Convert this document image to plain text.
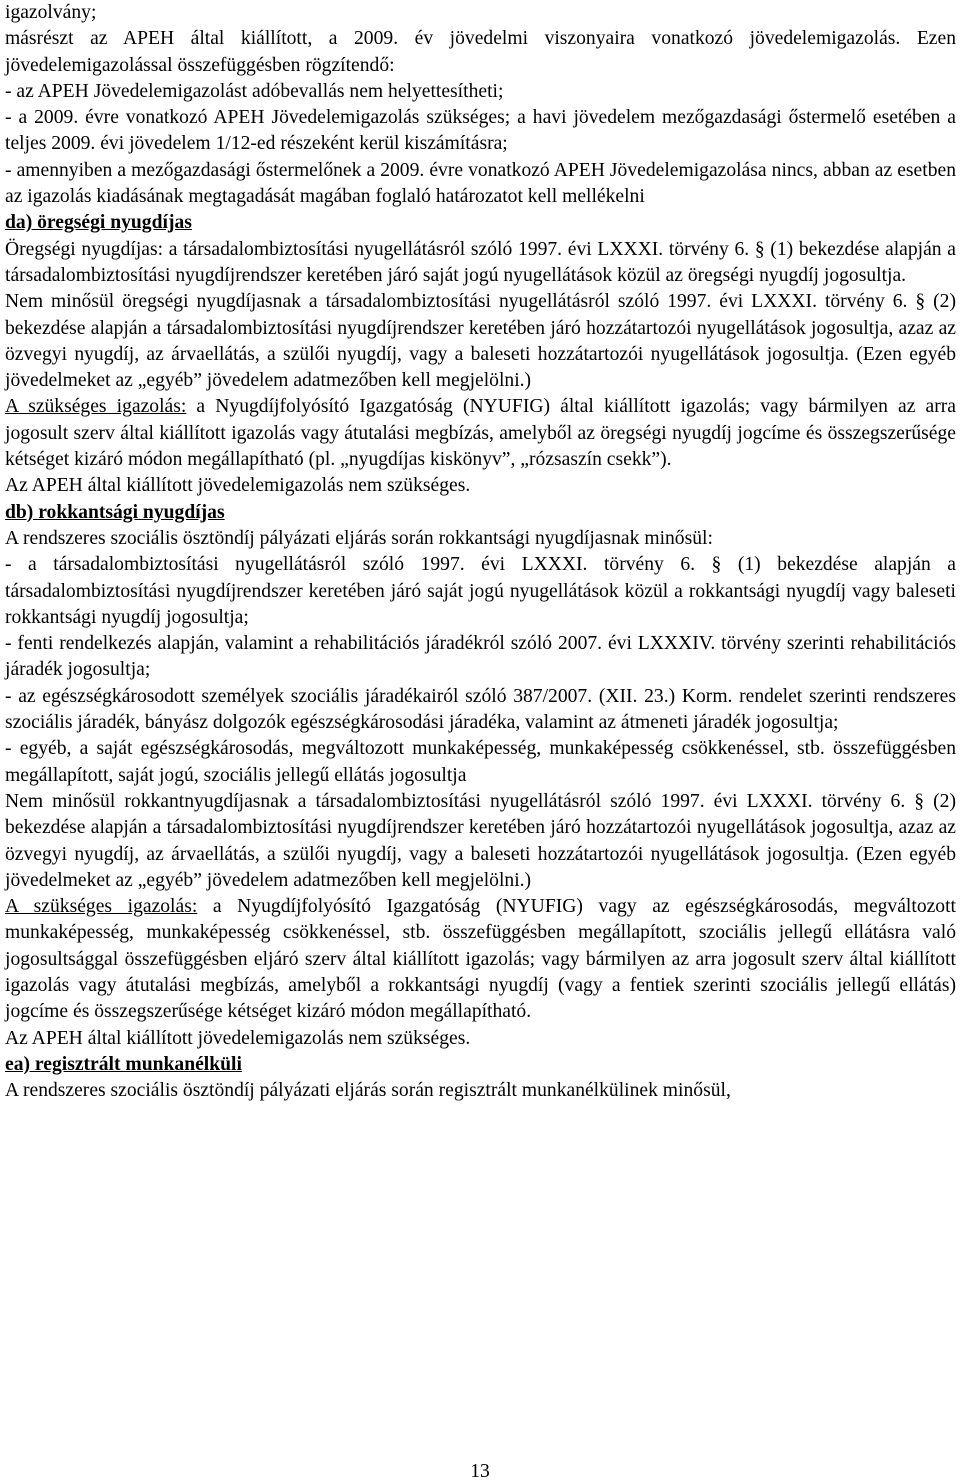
igazolvány;

másrészt az APEH által kiállított, a 2009. év jövedelmi viszonyaira vonatkozó jövedelemigazolás. Ezen jövedelemigazolással összefüggésben rögzítendő:

- az APEH Jövedelemigazolást adóbevallás nem helyettesítheti;

- a 2009. évre vonatkozó APEH Jövedelemigazolás szükséges; a havi jövedelem mezőgazdasági őstermelő esetében a teljes 2009. évi jövedelem 1/12-ed részeként kerül kiszámításra;

- amennyiben a mezőgazdasági őstermelőnek a 2009. évre vonatkozó APEH Jövedelemigazolása nincs, abban az esetben az igazolás kiadásának megtagadását magában foglaló határozatot kell mellékelni

da) öregségi nyugdíjas

Öregségi nyugdíjas: a társadalombiztosítási nyugellátásról szóló 1997. évi LXXXI. törvény 6. § (1) bekezdése alapján a társadalombiztosítási nyugdíjrendszer keretében járó saját jogú nyugellátások közül az öregségi nyugdíj jogosultja.

Nem minősül öregségi nyugdíjasnak a társadalombiztosítási nyugellátásról szóló 1997. évi LXXXI. törvény 6. § (2) bekezdése alapján a társadalombiztosítási nyugdíjrendszer keretében járó hozzátartozói nyugellátások jogosultja, azaz az özvegyi nyugdíj, az árvaellátás, a szülői nyugdíj, vagy a baleseti hozzátartozói nyugellátások jogosultja. (Ezen egyéb jövedelmeket az „egyéb” jövedelem adatmezőben kell megjelölni.)

A szükséges igazolás: a Nyugdíjfolyósító Igazgatóság (NYUFIG) által kiállított igazolás; vagy bármilyen az arra jogosult szerv által kiállított igazolás vagy átutalási megbízás, amelyből az öregségi nyugdíj jogcíme és összegszerűsége kétséget kizáró módon megállapítható (pl. „nyugdíjas kiskönyv”, „rózsaszín csekk”).

Az APEH által kiállított jövedelemigazolás nem szükséges.

db) rokkantsági nyugdíjas

A rendszeres szociális ösztöndíj pályázati eljárás során rokkantsági nyugdíjasnak minősül:

- a társadalombiztosítási nyugellátásról szóló 1997. évi LXXXI. törvény 6. § (1) bekezdése alapján a társadalombiztosítási nyugdíjrendszer keretében járó saját jogú nyugellátások közül a rokkantsági nyugdíj vagy baleseti rokkantsági nyugdíj jogosultja;

- fenti rendelkezés alapján, valamint a rehabilitációs járadékról szóló 2007. évi LXXXIV. törvény szerinti rehabilitációs járadék jogosultja;

- az egészségkárosodott személyek szociális járadékairól szóló 387/2007. (XII. 23.) Korm. rendelet szerinti rendszeres szociális járadék, bányász dolgozók egészségkárosodási járadéka, valamint az átmeneti járadék jogosultja;

- egyéb, a saját egészségkárosodás, megváltozott munkaképesség, munkaképesség csökkenéssel, stb. összefüggésben megállapított, saját jogú, szociális jellegű ellátás jogosultja

Nem minősül rokkantnyugdíjasnak a társadalombiztosítási nyugellátásról szóló 1997. évi LXXXI. törvény 6. § (2) bekezdése alapján a társadalombiztosítási nyugdíjrendszer keretében járó hozzátartozói nyugellátások jogosultja, azaz az özvegyi nyugdíj, az árvaellátás, a szülői nyugdíj, vagy a baleseti hozzátartozói nyugellátások jogosultja. (Ezen egyéb jövedelmeket az „egyéb” jövedelem adatmezőben kell megjelölni.)

A szükséges igazolás: a Nyugdíjfolyósító Igazgatóság (NYUFIG) vagy az egészségkárosodás, megváltozott munkaképesség, munkaképesség csökkenéssel, stb. összefüggésben megállapított, szociális jellegű ellátásra való jogosultsággal összefüggésben eljáró szerv által kiállított igazolás; vagy bármilyen az arra jogosult szerv által kiállított igazolás vagy átutalási megbízás, amelyből a rokkantsági nyugdíj (vagy a fentiek szerinti szociális jellegű ellátás) jogcíme és összegszerűsége kétséget kizáró módon megállapítható.

Az APEH által kiállított jövedelemigazolás nem szükséges.

ea) regisztrált munkanélküli

A rendszeres szociális ösztöndíj pályázati eljárás során regisztrált munkanélkülinek minősül,

13
